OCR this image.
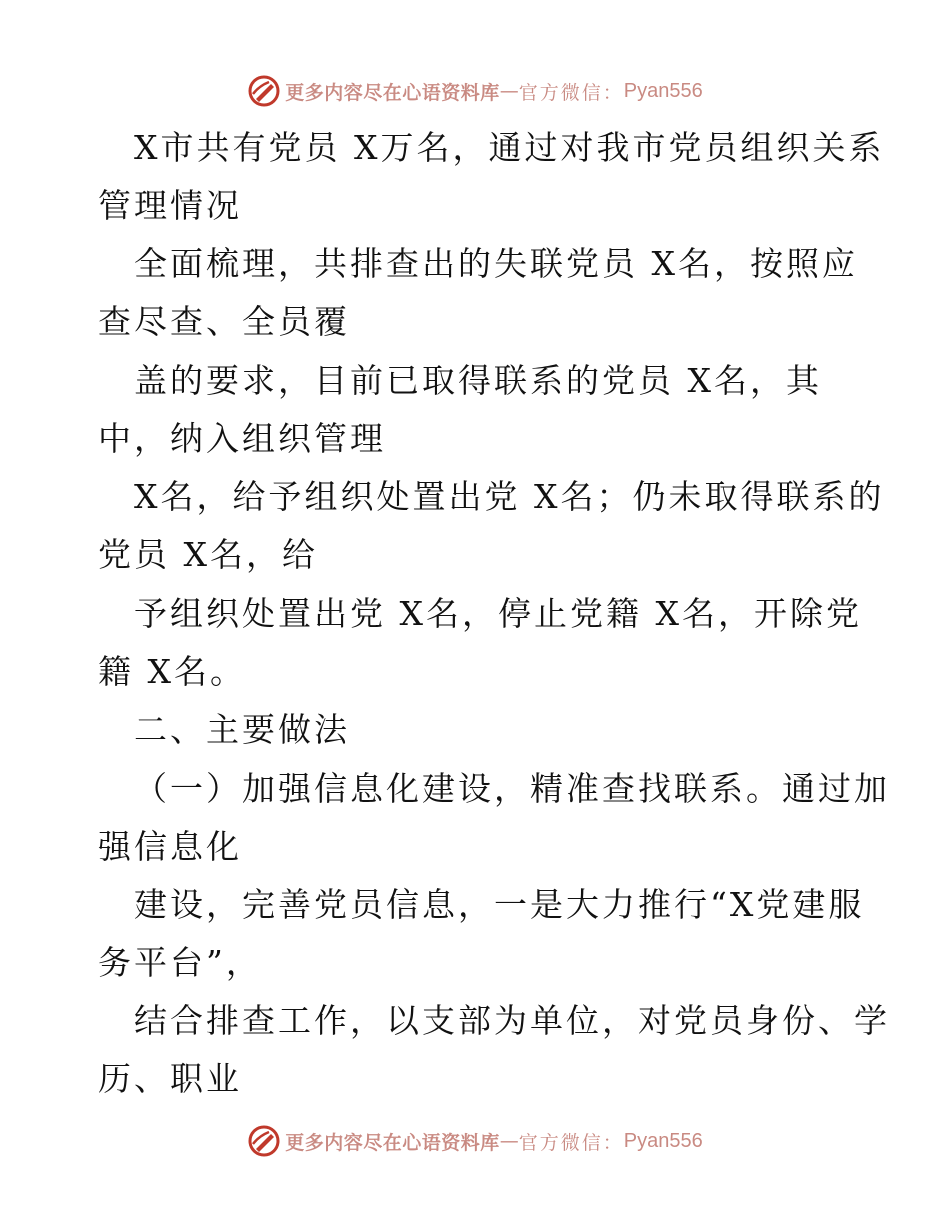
更多内容尽在心语资料库 — 官方微信： Pyan556
X市共有党员 X万名，通过对我市党员组织关系
管理情况
全面梳理，共排查出的失联党员 X名，按照应
查尽查、全员覆
盖的要求，目前已取得联系的党员 X名，其
中，纳入组织管理
X名，给予组织处置出党 X名；仍未取得联系的
党员 X名，给
予组织处置出党 X名，停止党籍 X名，开除党
籍 X名。
二、主要做法
（一）加强信息化建设，精准查找联系。通过加
强信息化
建设，完善党员信息，一是大力推行“X党建服
务平台”，
结合排查工作，以支部为单位，对党员身份、学
历、职业
更多内容尽在心语资料库 — 官方微信： Pyan556
